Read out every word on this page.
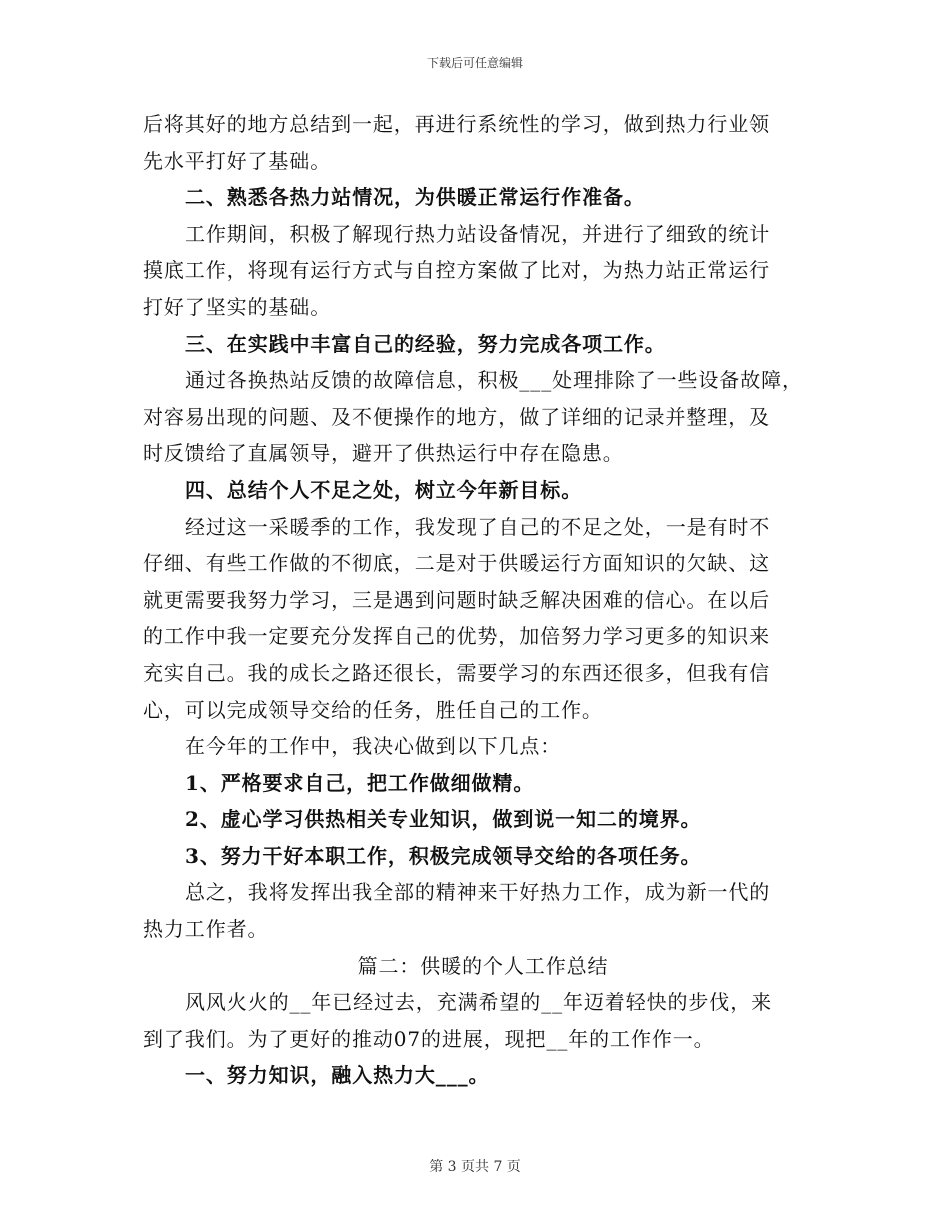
下载后可任意编辑
后将其好的地方总结到一起，再进行系统性的学习，做到热力行业领
先水平打好了基础。
二、熟悉各热力站情况，为供暖正常运行作准备。
工作期间，积极了解现行热力站设备情况，并进行了细致的统计
摸底工作，将现有运行方式与自控方案做了比对，为热力站正常运行
打好了坚实的基础。
三、在实践中丰富自己的经验，努力完成各项工作。
通过各换热站反馈的故障信息，积极___处理排除了一些设备故障，
对容易出现的问题、及不便操作的地方，做了详细的记录并整理，及
时反馈给了直属领导，避开了供热运行中存在隐患。
四、总结个人不足之处，树立今年新目标。
经过这一采暖季的工作，我发现了自己的不足之处，一是有时不
仔细、有些工作做的不彻底，二是对于供暖运行方面知识的欠缺、这
就更需要我努力学习，三是遇到问题时缺乏解决困难的信心。在以后
的工作中我一定要充分发挥自己的优势，加倍努力学习更多的知识来
充实自己。我的成长之路还很长，需要学习的东西还很多，但我有信
心，可以完成领导交给的任务，胜任自己的工作。
在今年的工作中，我决心做到以下几点：
1、严格要求自己，把工作做细做精。
2、虚心学习供热相关专业知识，做到说一知二的境界。
3、努力干好本职工作，积极完成领导交给的各项任务。
总之，我将发挥出我全部的精神来干好热力工作，成为新一代的
热力工作者。
篇二：供暖的个人工作总结
风风火火的__年已经过去，充满希望的__年迈着轻快的步伐，来
到了我们。为了更好的推动07的进展，现把__年的工作作一。
一、努力知识，融入热力大___。
第 3 页共 7 页
